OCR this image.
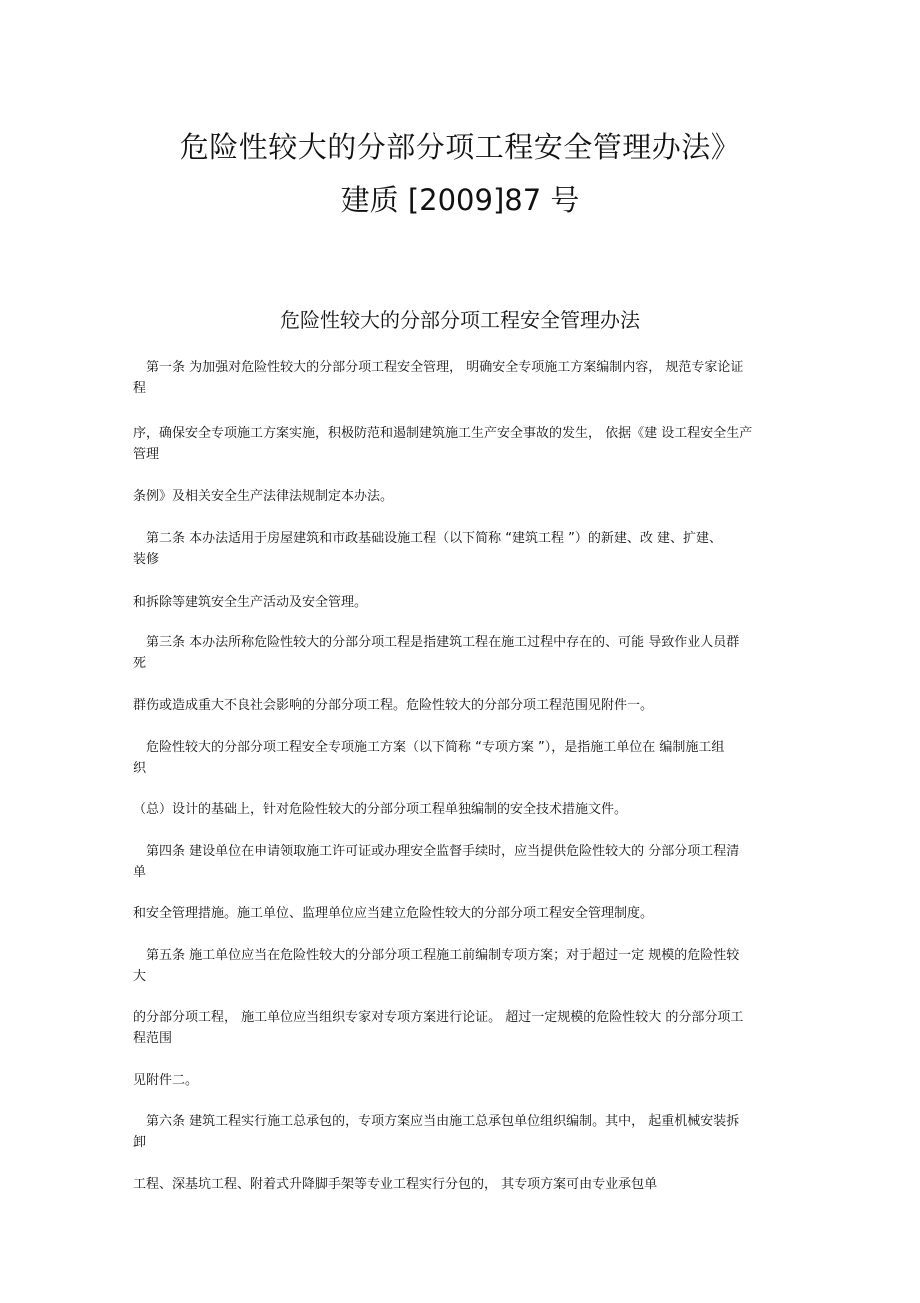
危险性较大的分部分项工程安全管理办法》
建质 [2009]87 号
危险性较大的分部分项工程安全管理办法
　第一条 为加强对危险性较大的分部分项工程安全管理， 明确安全专项施工方案编制内容， 规范专家论证
程
序，确保安全专项施工方案实施，积极防范和遏制建筑施工生产安全事故的发生， 依据《建 设工程安全生产
管理
条例》及相关安全生产法律法规制定本办法。
　第二条 本办法适用于房屋建筑和市政基础设施工程（以下简称 “建筑工程 ”）的新建、改 建、扩建、
装修
和拆除等建筑安全生产活动及安全管理。
　第三条 本办法所称危险性较大的分部分项工程是指建筑工程在施工过程中存在的、可能 导致作业人员群
死
群伤或造成重大不良社会影响的分部分项工程。危险性较大的分部分项工程范围见附件一。
　危险性较大的分部分项工程安全专项施工方案（以下简称 “专项方案 ”），是指施工单位在 编制施工组
织
（总）设计的基础上，针对危险性较大的分部分项工程单独编制的安全技术措施文件。
　第四条 建设单位在申请领取施工许可证或办理安全监督手续时，应当提供危险性较大的 分部分项工程清
单
和安全管理措施。施工单位、监理单位应当建立危险性较大的分部分项工程安全管理制度。
　第五条 施工单位应当在危险性较大的分部分项工程施工前编制专项方案；对于超过一定 规模的危险性较
大
的分部分项工程， 施工单位应当组织专家对专项方案进行论证。 超过一定规模的危险性较大 的分部分项工
程范围
见附件二。
　第六条 建筑工程实行施工总承包的，专项方案应当由施工总承包单位组织编制。其中， 起重机械安装拆
卸
工程、深基坑工程、附着式升降脚手架等专业工程实行分包的， 其专项方案可由专业承包单
